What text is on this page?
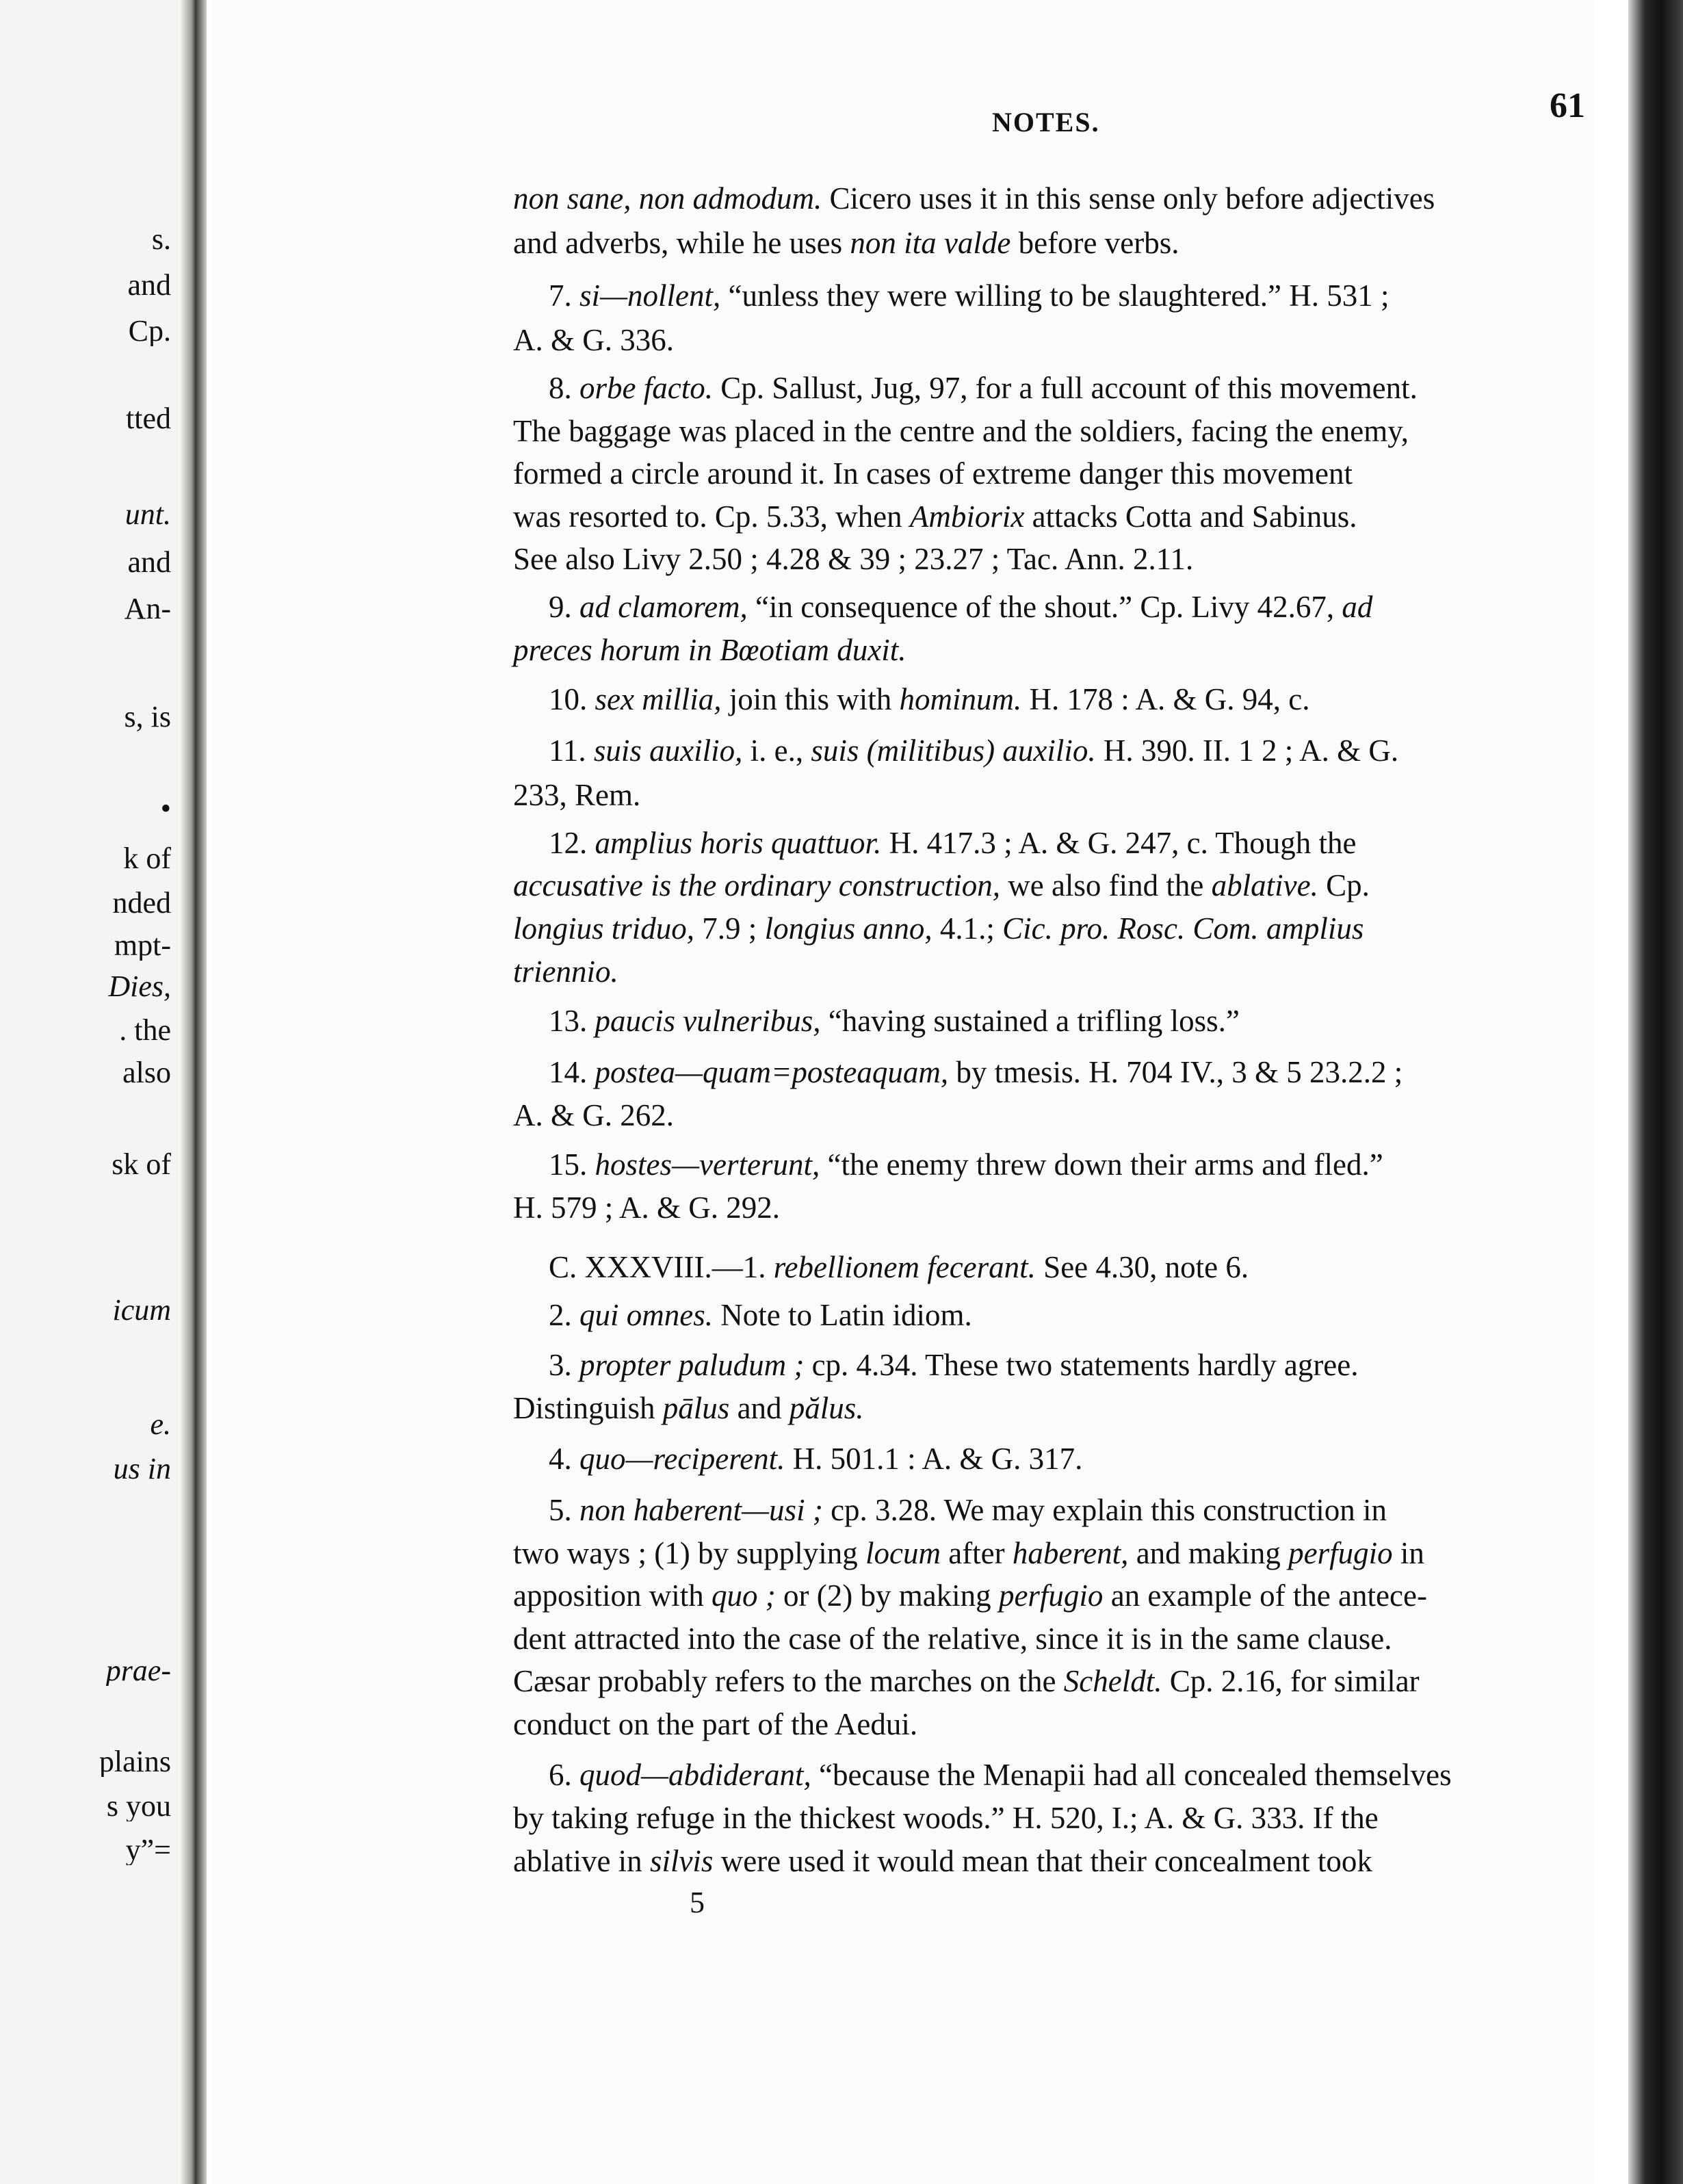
s.
and
Cp.
tted
unt.
and
An-
s, is
•
k of
nded
mpt-
Dies,
. the
also
sk of
icum
e.
us in
prae-
plains
s you
y”=
NOTES.	61
non sane, non admodum. Cicero uses it in this sense only before adjectives
and adverbs, while he uses non ita valde before verbs.
7. si—nollent, “unless they were willing to be slaughtered.” H. 531 ;
A. & G. 336.
8. orbe facto. Cp. Sallust, Jug, 97, for a full account of this movement.
The baggage was placed in the centre and the soldiers, facing the enemy,
formed a circle around it. In cases of extreme danger this movement
was resorted to. Cp. 5.33, when Ambiorix attacks Cotta and Sabinus.
See also Livy 2.50 ; 4.28 & 39 ; 23.27 ; Tac. Ann. 2.11.
9. ad clamorem, “in consequence of the shout.” Cp. Livy 42.67, ad
preces horum in Bœotiam duxit.
10. sex millia, join this with hominum. H. 178 : A. & G. 94, c.
11. suis auxilio, i. e., suis (militibus) auxilio. H. 390. II. 1 2 ; A. & G.
233, Rem.
12. amplius horis quattuor. H. 417.3 ; A. & G. 247, c. Though the
accusative is the ordinary construction, we also find the ablative. Cp.
longius triduo, 7.9 ; longius anno, 4.1.; Cic. pro. Rosc. Com. amplius
triennio.
13. paucis vulneribus, “having sustained a trifling loss.”
14. postea—quam=posteaquam, by tmesis. H. 704 IV., 3 & 5 23.2.2 ;
A. & G. 262.
15. hostes—verterunt, “the enemy threw down their arms and fled.”
H. 579 ; A. & G. 292.
C. XXXVIII.—1. rebellionem fecerant. See 4.30, note 6.
2. qui omnes. Note to Latin idiom.
3. propter paludum ; cp. 4.34. These two statements hardly agree.
Distinguish pālus and pălus.
4. quo—reciperent. H. 501.1 : A. & G. 317.
5. non haberent—usi ; cp. 3.28. We may explain this construction in
two ways ; (1) by supplying locum after haberent, and making perfugio in
apposition with quo ; or (2) by making perfugio an example of the antece-
dent attracted into the case of the relative, since it is in the same clause.
Cæsar probably refers to the marches on the Scheldt. Cp. 2.16, for similar
conduct on the part of the Aedui.
6. quod—abdiderant, “because the Menapii had all concealed themselves
by taking refuge in the thickest woods.” H. 520, I.; A. & G. 333. If the
ablative in silvis were used it would mean that their concealment took
5
